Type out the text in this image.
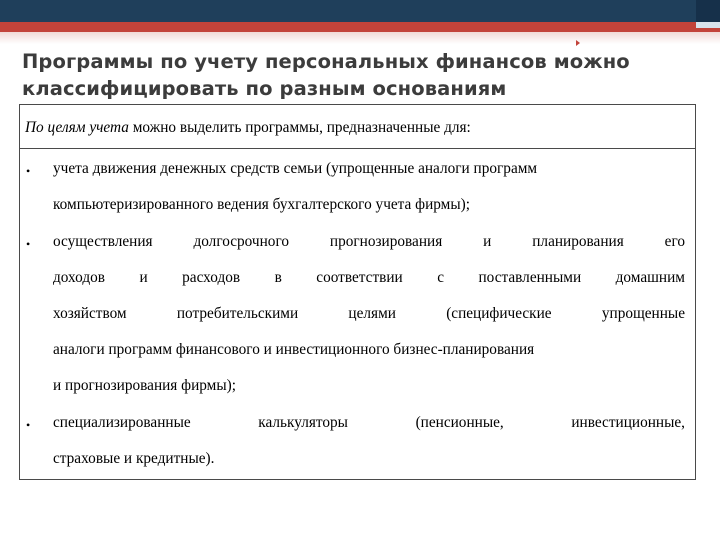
Программы по учету персональных финансов можно
классифицировать по разным основаниям
По целям учета можно выделить программы, предназначенные для:
• учета движения денежных средств семьи (упрощенные аналоги программ
компьютеризированного ведения бухгалтерского учета фирмы);
• осуществления	долгосрочного	прогнозирования	и	планирования	его
доходов и расходов в соответствии с поставленными домашним
хозяйством	потребительскими	целями	(специфические	упрощенные
аналоги программ финансового и инвестиционного бизнес-планирования
и прогнозирования фирмы);
• специализированные	калькуляторы	(пенсионные,	инвестиционные,
страховые и кредитные).
